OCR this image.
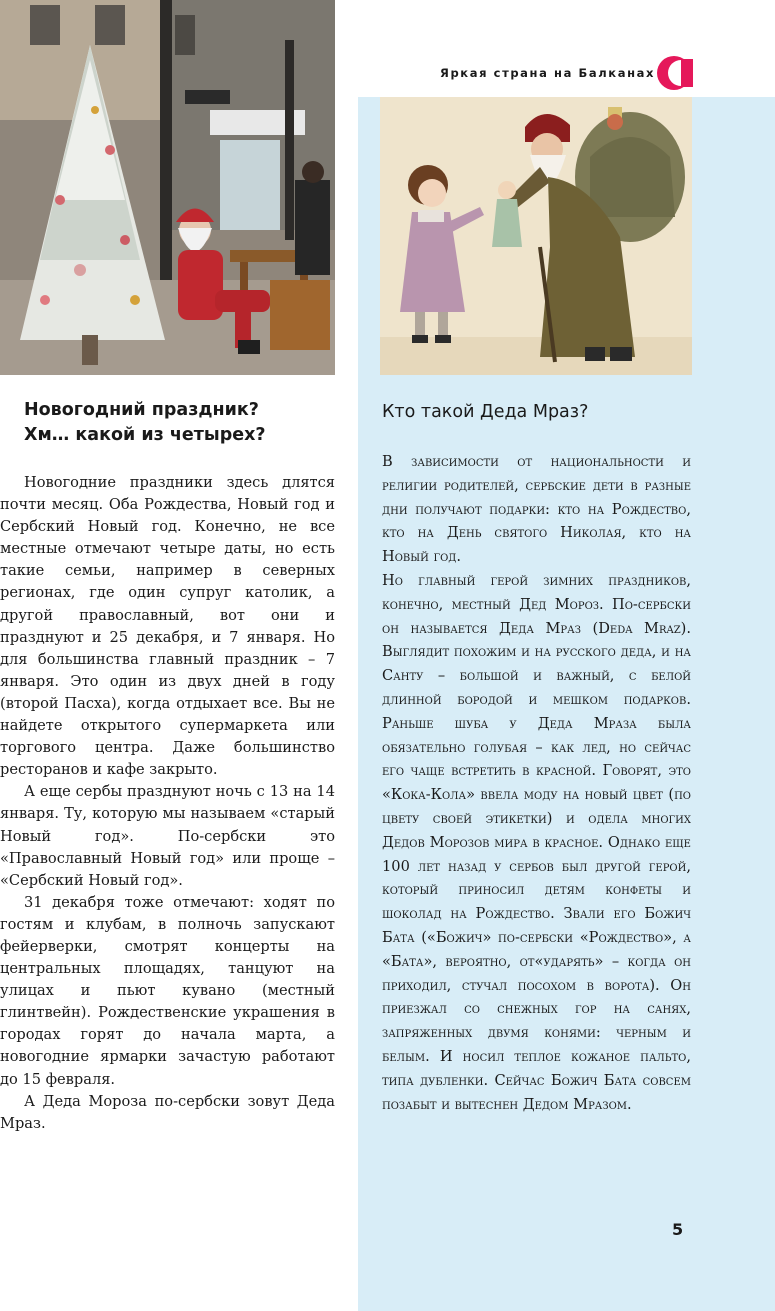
Яркая страна на Балканах
Новогодний праздник?
Хм… какой из четырех?

Новогодние праздники здесь длятся почти месяц. Оба Рождества, Новый год и Сербский Новый год. Конечно, не все местные отмечают четыре даты, но есть такие семьи, например в северных регионах, где один супруг католик, а другой православный, вот они и празднуют и 25 декабря, и 7 января. Но для большинства главный праздник – 7 января. Это один из двух дней в году (второй Пасха), когда отдыхает все. Вы не найдете открытого супермаркета или торгового центра. Даже большинство ресторанов и кафе закрыто.

А еще сербы празднуют ночь с 13 на 14 января. Ту, которую мы называем «старый Новый год». По-сербски это «Православный Новый год» или проще – «Сербский Новый год».

31 декабря тоже отмечают: ходят по гостям и клубам, в полночь запускают фейерверки, смотрят концерты на центральных площадях, танцуют на улицах и пьют кувано (местный глинтвейн). Рождественские украшения в городах горят до начала марта, а новогодние ярмарки зачастую работают до 15 февраля.

А Деда Мороза по-сербски зовут Деда Мраз.

Кто такой Деда Мраз?

В зависимости от национальности и религии родителей, сербские дети в разные дни получают подарки: кто на Рождество, кто на День святого Николая, кто на Новый год.

Но главный герой зимних праздников, конечно, местный Дед Мороз. По-сербски он называется Деда Мраз (Deda Mraz). Выглядит похожим и на русского деда, и на Санту – большой и важный, с белой длинной бородой и мешком подарков. Раньше шуба у Деда Мраза была обязательно голубая – как лед, но сейчас его чаще встретить в красной. Говорят, это «Кока-Кола» ввела моду на новый цвет (по цвету своей этикетки) и одела многих Дедов Морозов мира в красное. Однако еще 100 лет назад у сербов был другой герой, который приносил детям конфеты и шоколад на Рождество. Звали его Божич Бата («Божич» по-сербски «Рождество», а «Бата», вероятно, от«ударять» – когда он приходил, стучал посохом в ворота). Он приезжал со снежных гор на санях, запряженных двумя конями: черным и белым. И носил теплое кожаное пальто, типа дубленки. Сейчас Божич Бата совсем позабыт и вытеснен Дедом Мразом.

5
